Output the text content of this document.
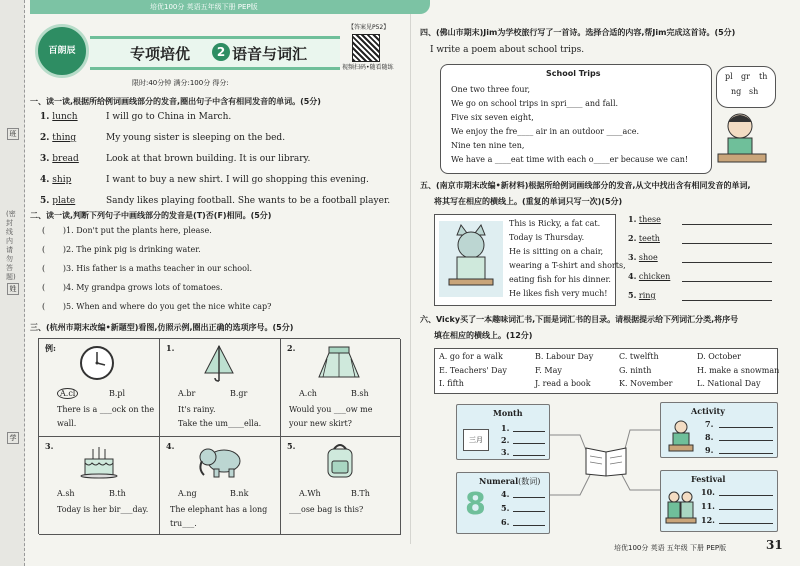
班
姓
学
(密封线内请勿答题)
培优100分 英语五年级下册 PEP版
百朗辰	专项培优	2 语音与词汇
【答案见P52】
视频扫码•随看随练
限时:40分钟 满分:100分 得分:
一、读一读,根据所给例词画线部分的发音,圈出句子中含有相同发音的单词。(5分)
1. lunch	I will go to China in March.
2. thing	My young sister is sleeping on the bed.
3. bread	Look at that brown building. It is our library.
4. ship	I want to buy a new shirt. I will go shopping this evening.
5. plate	Sandy likes playing football. She wants to be a football player.
二、读一读,判断下列句子中画线部分的发音是(T)否(F)相同。(5分)
(       )1. Don't put the plants here, please.
(       )2. The pink pig is drinking water.
(       )3. His father is a maths teacher in our school.
(       )4. My grandpa grows lots of tomatoes.
(       )5. When and where do you get the nice white cap?
三、(杭州市期末改编•新题型)看图,仿照示例,圈出正确的选项序号。(5分)
例:
A.cl	B.pl
There is a ___ock on the
wall.
1.
A.br	B.gr
It's rainy.
Take the um____ella.
2.
A.ch	B.sh
Would you ___ow me
your new skirt?
3.
A.sh	B.th
Today is her bir___day.
4.
A.ng	B.nk
The elephant has a long
tru___.
5.
A.Wh	B.Th
___ose bag is this?
四、(佛山市期末)Jim为学校旅行写了一首诗。选择合适的内容,帮Jim完成这首诗。(5分)
I write a poem about school trips.
School Trips
One two three four,
We go on school trips in spri____ and fall.
Five six seven eight,
We enjoy the fre____ air in an outdoor ____ace.
Nine ten nine ten,
We have a ____eat time with each o____er because we can!
pl gr th
ng sh
五、(南京市期末改编•新材料)根据所给例词画线部分的发音,从文中找出含有相同发音的单词,
将其写在相应的横线上。(重复的单词只写一次)(5分)
This is Ricky, a fat cat.
Today is Thursday.
He is sitting on a chair,
wearing a T-shirt and shorts,
eating fish for his dinner.
He likes fish very much!
1. these
2. teeth
3. shoe
4. chicken
5. ring
六、Vicky买了一本趣味词汇书,下面是词汇书的目录。请根据提示给下列词汇分类,将序号
填在相应的横线上。(12分)
A. go for a walk	B. Labour Day	C. twelfth	D. October
E. Teachers' Day	F. May	G. ninth	H. make a snowman
I. fifth	J. read a book	K. November	L. National Day
Month
三月
1.
2.
3.
Numeral(数词)
8 4.
5.
6.
Activity
7.
8.
9.
Festival
10.
11.
12.
培优100分 英语 五年级 下册 PEP版	31
